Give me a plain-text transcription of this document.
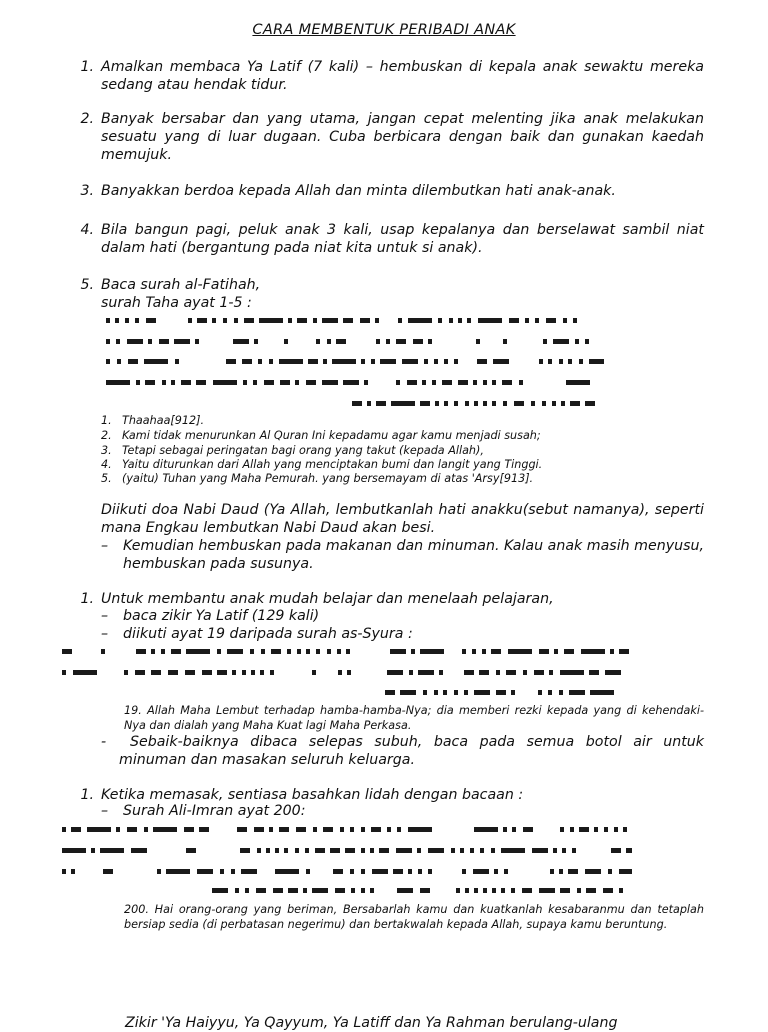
CARA MEMBENTUK PERIBADI ANAK
1. Amalkan membaca Ya Latif (7 kali) – hembuskan di kepala anak sewaktu mereka sedang atau hendak tidur.
2. Banyak bersabar dan yang utama, jangan cepat melenting jika anak melakukan sesuatu yang di luar dugaan. Cuba berbicara dengan baik dan gunakan kaedah memujuk.
3. Banyakkan berdoa kepada Allah dan minta dilembutkan hati anak-anak.
4. Bila bangun pagi, peluk anak 3 kali, usap kepalanya dan berselawat sambil niat dalam hati (bergantung pada niat kita untuk si anak).
5. Baca surah al-Fatihah,
surah Taha ayat 1-5 :
1. Thaahaa[912].
2. Kami tidak menurunkan Al Quran Ini kepadamu agar kamu menjadi susah;
3. Tetapi sebagai peringatan bagi orang yang takut (kepada Allah),
4. Yaitu diturunkan dari Allah yang menciptakan bumi dan langit yang Tinggi.
5. (yaitu) Tuhan yang Maha Pemurah. yang bersemayam di atas 'Arsy[913].
Diikuti doa Nabi Daud (Ya Allah, lembutkanlah hati anakku(sebut namanya), seperti mana Engkau lembutkan Nabi Daud akan besi.
– Kemudian hembuskan pada makanan dan minuman. Kalau anak masih menyusu, hembuskan pada susunya.
1. Untuk membantu anak mudah belajar dan menelaah pelajaran,
– baca zikir Ya Latif (129 kali)
– diikuti ayat 19 daripada surah as-Syura :
19. Allah Maha Lembut terhadap hamba-hamba-Nya; dia memberi rezki kepada yang di kehendaki-Nya dan dialah yang Maha Kuat lagi Maha Perkasa.
-	Sebaik-baiknya dibaca selepas subuh, baca pada semua botol air untuk minuman dan masakan seluruh keluarga.
1. Ketika memasak, sentiasa basahkan lidah dengan bacaan :
– Surah Ali-Imran ayat 200:
200. Hai orang-orang yang beriman, Bersabarlah kamu dan kuatkanlah kesabaranmu dan tetaplah bersiap sedia (di perbatasan negerimu) dan bertakwalah kepada Allah, supaya kamu beruntung.
Zikir 'Ya Haiyyu, Ya Qayyum, Ya Latiff dan Ya Rahman berulang-ulang
